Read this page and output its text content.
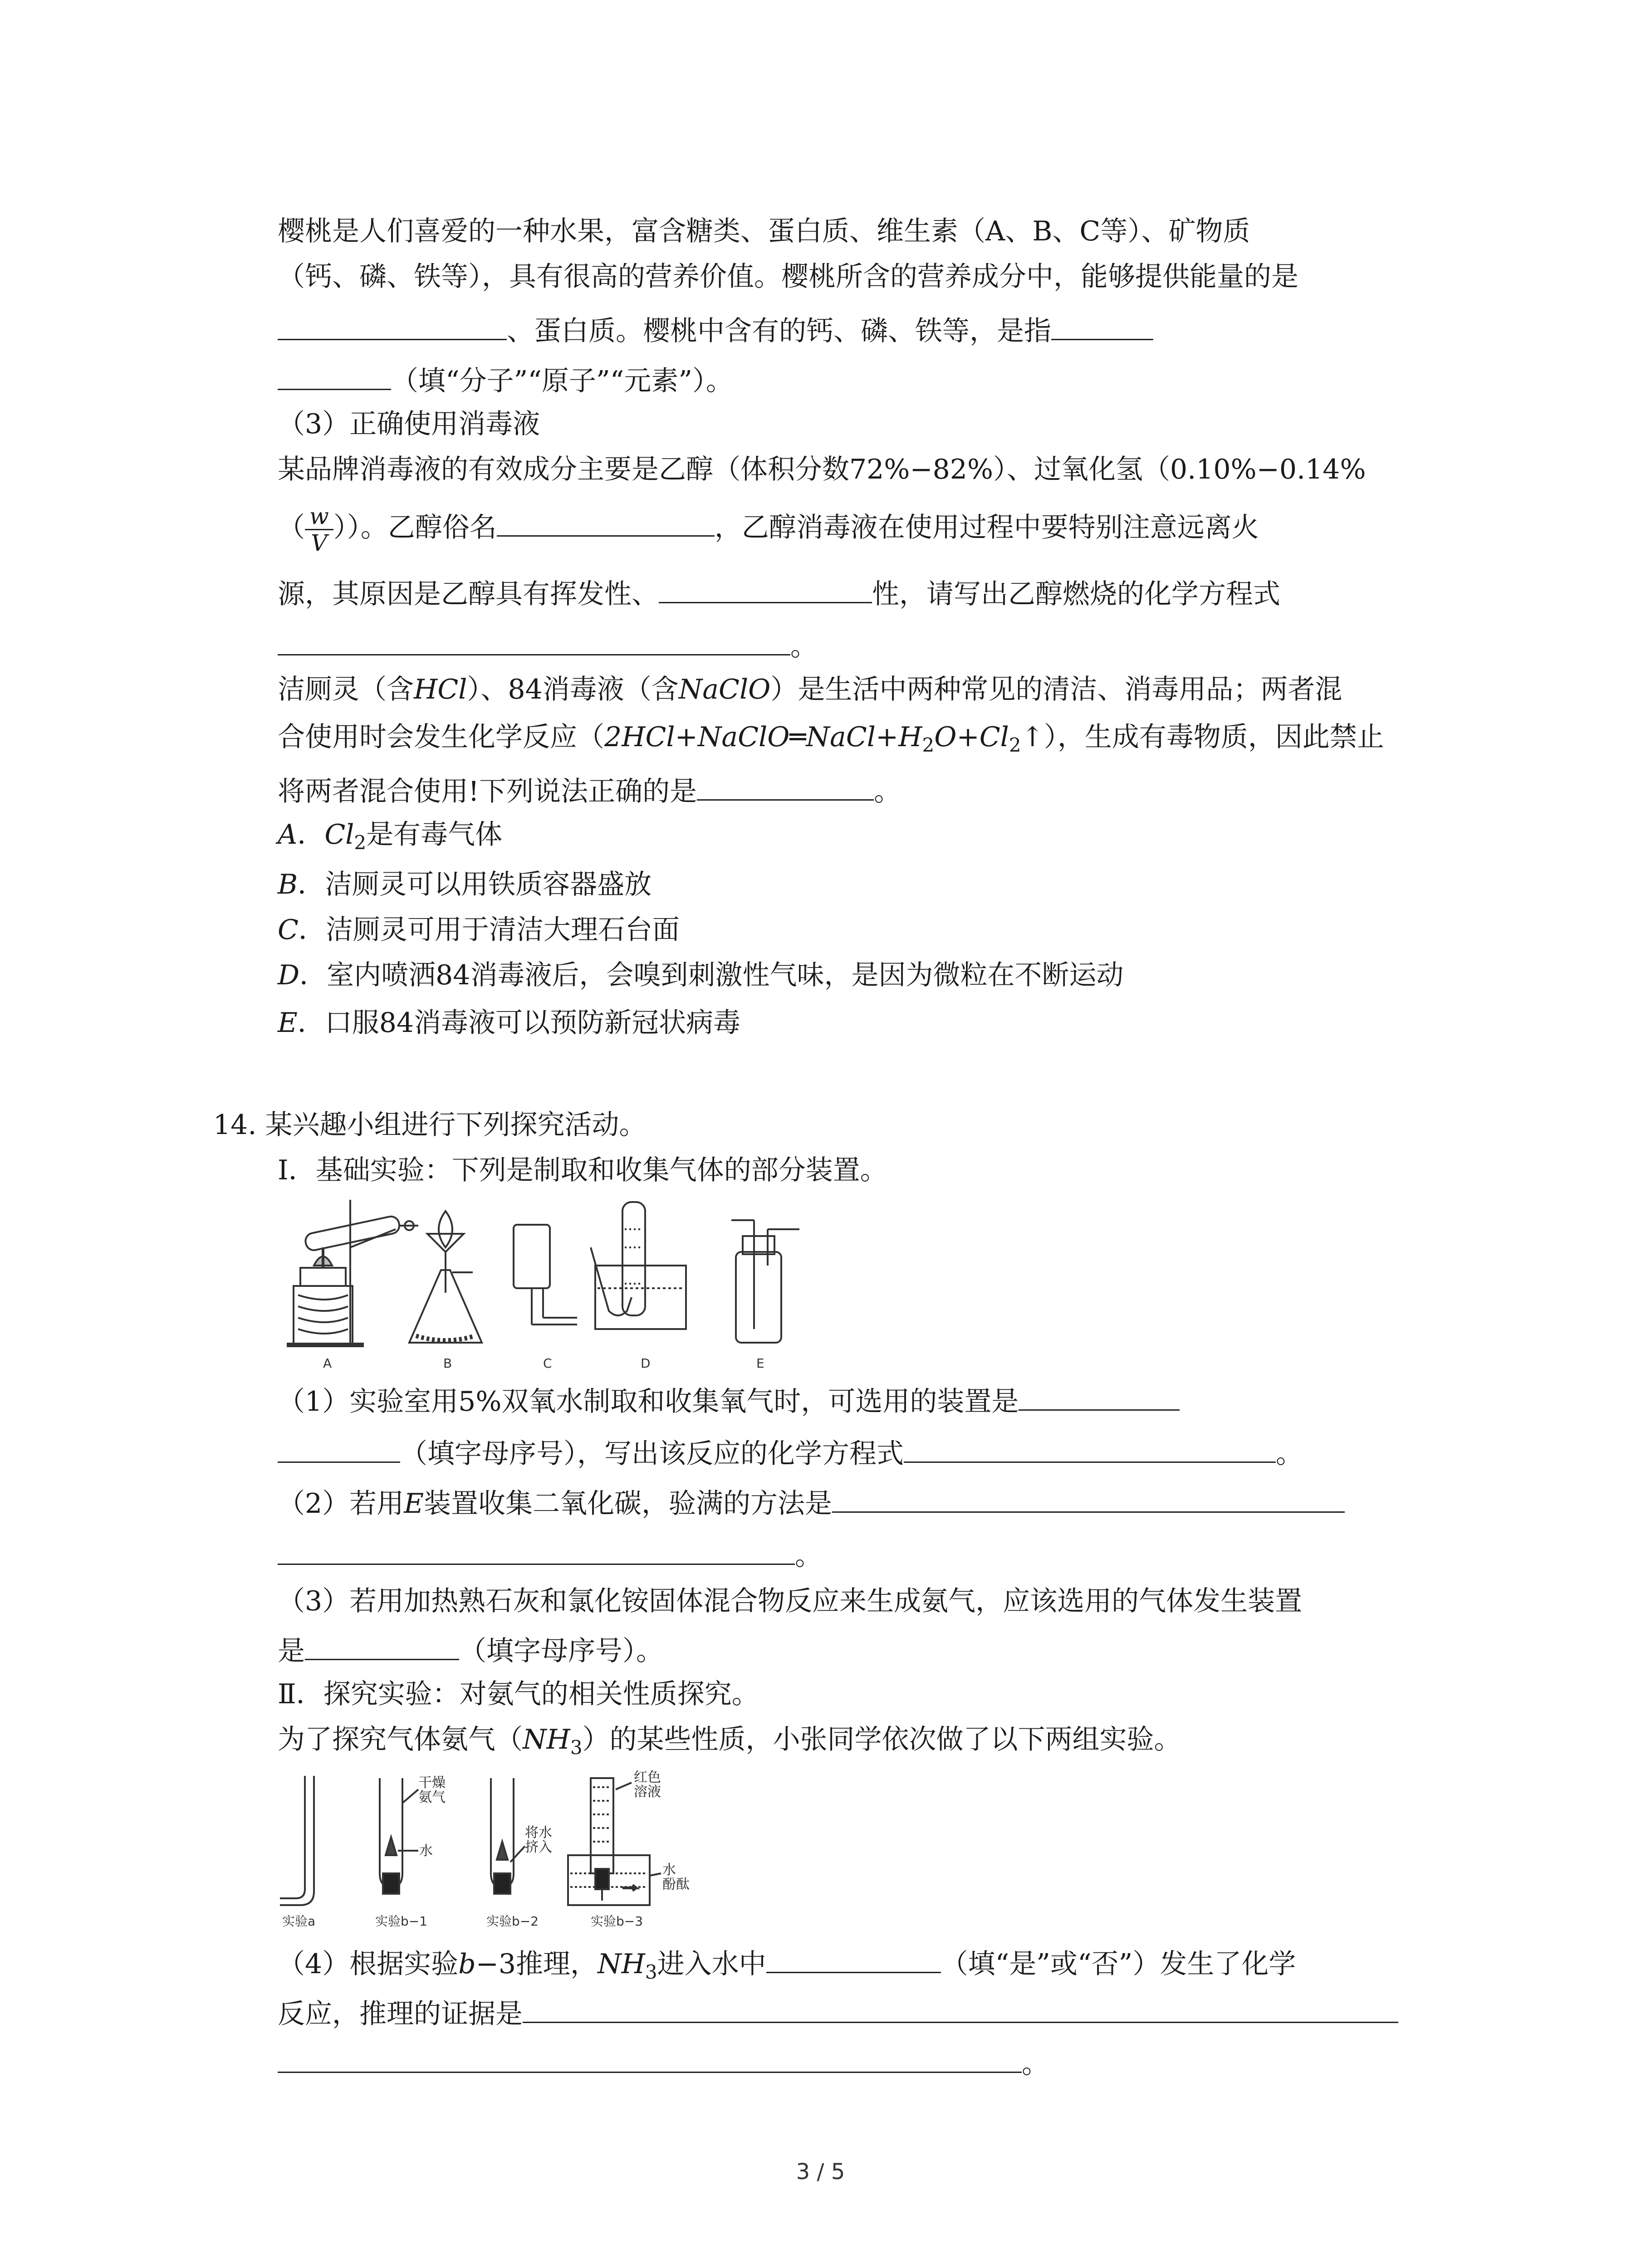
樱桃是人们喜爱的一种水果，富含糖类、蛋白质、维生素（A、B、C等）、矿物质
（钙、磷、铁等），具有很高的营养价值。樱桃所含的营养成分中，能够提供能量的是
、蛋白质。樱桃中含有的钙、磷、铁等，是指
（填“分子”“原子”“元素”）。
（3）正确使用消毒液
某品牌消毒液的有效成分主要是乙醇（体积分数72%−82%）、过氧化氢（0.10%−0.14%
（ $\frac{w}{V}$ ））。乙醇俗名	，乙醇消毒液在使用过程中要特别注意远离火
源，其原因是乙醇具有挥发性、	性，请写出乙醇燃烧的化学方程式
。
洁厕灵（含HCl）、84消毒液（含NaClO）是生活中两种常见的清洁、消毒用品；两者混
合使用时会发生化学反应$(2HCl+NaClO═NaCl+H_2O+Cl_2↑)$，生成有毒物质，因此禁止
将两者混合使用!下列说法正确的是	。
A．$Cl_2$是有毒气体
B．洁厕灵可以用铁质容器盛放
C．洁厕灵可用于清洁大理石台面
D．室内喷洒84消毒液后，会嗅到刺激性气味，是因为微粒在不断运动
E．口服84消毒液可以预防新冠状病毒
14. 某兴趣小组进行下列探究活动。
Ⅰ．基础实验：下列是制取和收集气体的部分装置。
A	B	C	D	E
（1）实验室用5%双氧水制取和收集氧气时，可选用的装置是
（填字母序号），写出该反应的化学方程式	。
（2）若用E装置收集二氧化碳，验满的方法是
。
（3）若用加热熟石灰和氯化铵固体混合物反应来生成氨气，应该选用的气体发生装置
是	（填字母序号）。
Ⅱ．探究实验：对氨气的相关性质探究。
为了探究气体氨气$(NH_3)$的某些性质，小张同学依次做了以下两组实验。
干燥
氨气
水
将水
挤入
红色
溶液
水
酚酞
实验a	实验b−1	实验b−2	实验b−3
（4）根据实验b−3推理，$NH_3$进入水中	（填“是”或“否”）发生了化学
反应，推理的证据是
。
3 / 5
